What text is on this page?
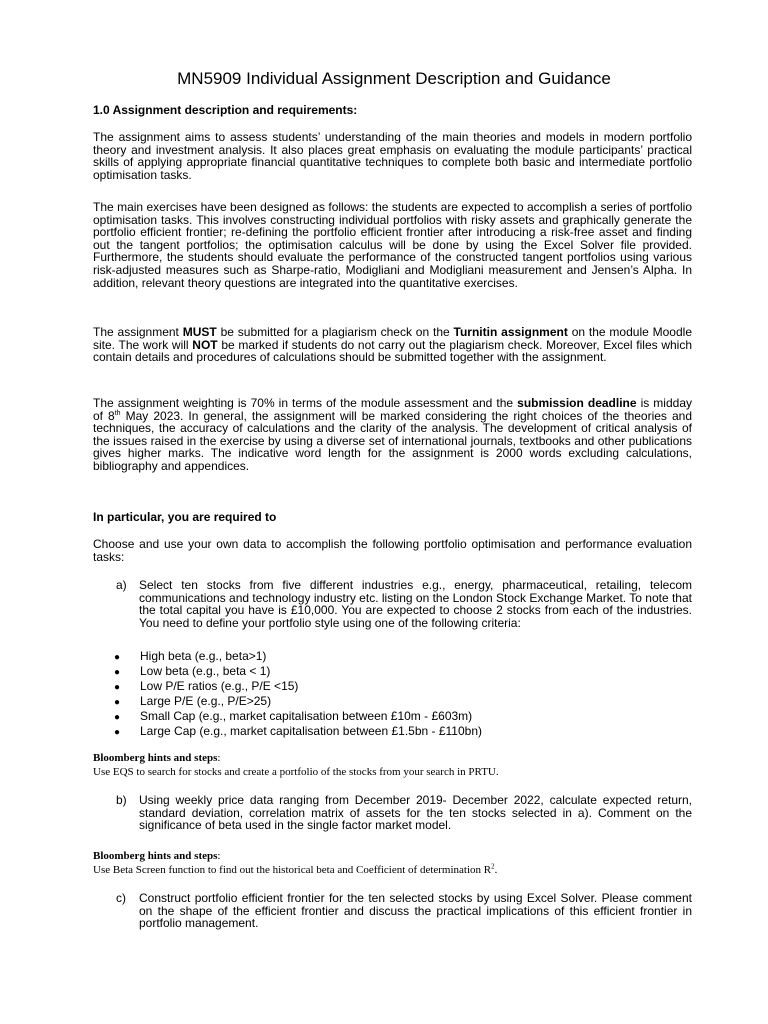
MN5909 Individual Assignment Description and Guidance
1.0 Assignment description and requirements:
The assignment aims to assess students’ understanding of the main theories and models in modern portfolio theory and investment analysis. It also places great emphasis on evaluating the module participants’ practical skills of applying appropriate financial quantitative techniques to complete both basic and intermediate portfolio optimisation tasks.
The main exercises have been designed as follows: the students are expected to accomplish a series of portfolio optimisation tasks. This involves constructing individual portfolios with risky assets and graphically generate the portfolio efficient frontier; re-defining the portfolio efficient frontier after introducing a risk-free asset and finding out the tangent portfolios; the optimisation calculus will be done by using the Excel Solver file provided. Furthermore, the students should evaluate the performance of the constructed tangent portfolios using various risk-adjusted measures such as Sharpe-ratio, Modigliani and Modigliani measurement and Jensen’s Alpha. In addition, relevant theory questions are integrated into the quantitative exercises.
The assignment MUST be submitted for a plagiarism check on the Turnitin assignment on the module Moodle site. The work will NOT be marked if students do not carry out the plagiarism check. Moreover, Excel files which contain details and procedures of calculations should be submitted together with the assignment.
The assignment weighting is 70% in terms of the module assessment and the submission deadline is midday of 8th May 2023. In general, the assignment will be marked considering the right choices of the theories and techniques, the accuracy of calculations and the clarity of the analysis. The development of critical analysis of the issues raised in the exercise by using a diverse set of international journals, textbooks and other publications gives higher marks. The indicative word length for the assignment is 2000 words excluding calculations, bibliography and appendices.
In particular, you are required to
Choose and use your own data to accomplish the following portfolio optimisation and performance evaluation tasks:
a) Select ten stocks from five different industries e.g., energy, pharmaceutical, retailing, telecom communications and technology industry etc. listing on the London Stock Exchange Market. To note that the total capital you have is £10,000. You are expected to choose 2 stocks from each of the industries. You need to define your portfolio style using one of the following criteria:
● High beta (e.g., beta>1)
● Low beta (e.g., beta < 1)
● Low P/E ratios (e.g., P/E <15)
● Large P/E (e.g., P/E>25)
● Small Cap (e.g., market capitalisation between £10m - £603m)
● Large Cap (e.g., market capitalisation between £1.5bn - £110bn)
Bloomberg hints and steps:
Use EQS to search for stocks and create a portfolio of the stocks from your search in PRTU.
b) Using weekly price data ranging from December 2019- December 2022, calculate expected return, standard deviation, correlation matrix of assets for the ten stocks selected in a). Comment on the significance of beta used in the single factor market model.
Bloomberg hints and steps:
Use Beta Screen function to find out the historical beta and Coefficient of determination $R^2$.
c) Construct portfolio efficient frontier for the ten selected stocks by using Excel Solver. Please comment on the shape of the efficient frontier and discuss the practical implications of this efficient frontier in portfolio management.
